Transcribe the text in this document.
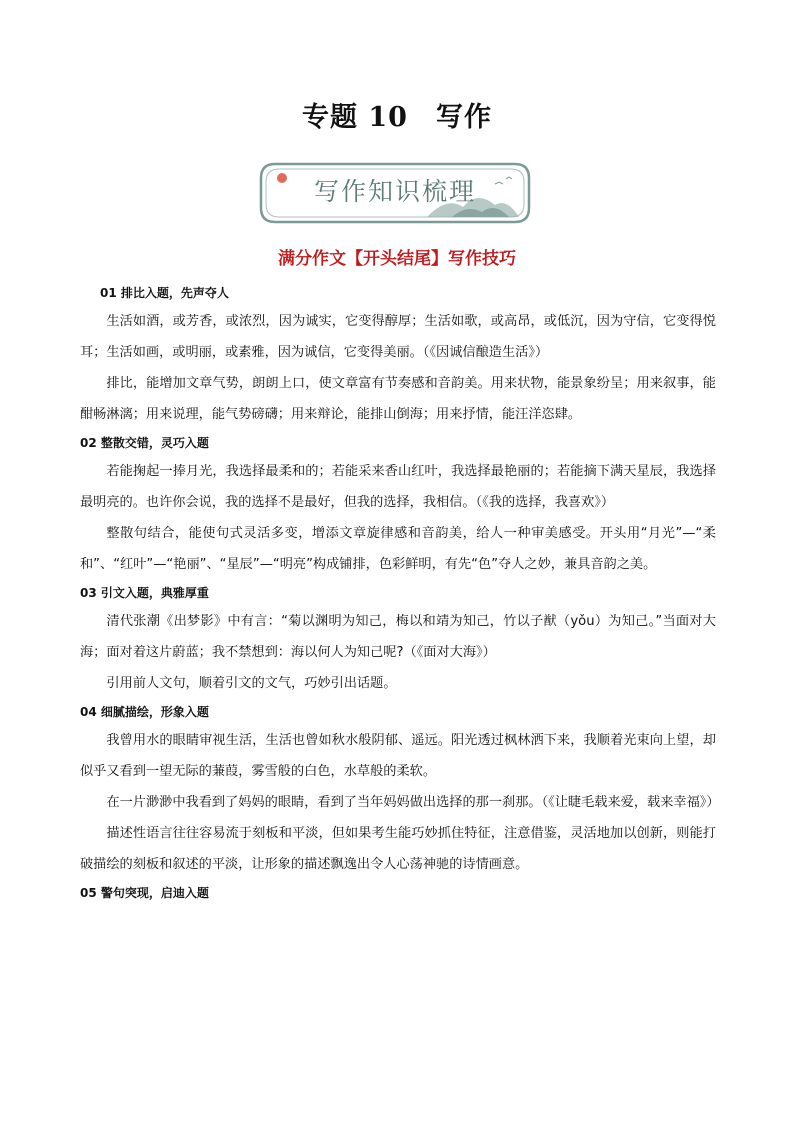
专题 10　写作
写作知识梳理
满分作文【开头结尾】写作技巧
01 排比入题，先声夺人

生活如酒，或芳香，或浓烈，因为诚实，它变得醇厚；生活如歌，或高昂，或低沉，因为守信，它变得悦耳；生活如画，或明丽，或素雅，因为诚信，它变得美丽。（《因诚信酿造生活》）

排比，能增加文章气势，朗朗上口，使文章富有节奏感和音韵美。用来状物，能景象纷呈；用来叙事，能酣畅淋漓；用来说理，能气势磅礴；用来辩论，能排山倒海；用来抒情，能汪洋恣肆。

02 整散交错，灵巧入题

若能掬起一捧月光，我选择最柔和的；若能采来香山红叶，我选择最艳丽的；若能摘下满天星辰，我选择最明亮的。也许你会说，我的选择不是最好，但我的选择，我相信。（《我的选择，我喜欢》）

整散句结合，能使句式灵活多变，增添文章旋律感和音韵美，给人一种审美感受。开头用“月光”—“柔和”、“红叶”—“艳丽”、“星辰”—“明亮”构成铺排，色彩鲜明，有先“色”夺人之妙，兼具音韵之美。

03 引文入题，典雅厚重

清代张潮《出梦影》中有言：“菊以渊明为知己，梅以和靖为知己，竹以子猷（yǒu）为知己。”当面对大海；面对着这片蔚蓝；我不禁想到：海以何人为知己呢?（《面对大海》）

引用前人文句，顺着引文的文气，巧妙引出话题。

04 细腻描绘，形象入题

我曾用水的眼睛审视生活，生活也曾如秋水般阴郁、遥远。阳光透过枫林洒下来，我顺着光束向上望，却似乎又看到一望无际的蒹葭，雾雪般的白色，水草般的柔软。

在一片渺渺中我看到了妈妈的眼睛，看到了当年妈妈做出选择的那一刹那。（《让睫毛载来爱，载来幸福》）

描述性语言往往容易流于刻板和平淡，但如果考生能巧妙抓住特征，注意借鉴，灵活地加以创新，则能打破描绘的刻板和叙述的平淡，让形象的描述飘逸出令人心荡神驰的诗情画意。

05 警句突现，启迪入题
